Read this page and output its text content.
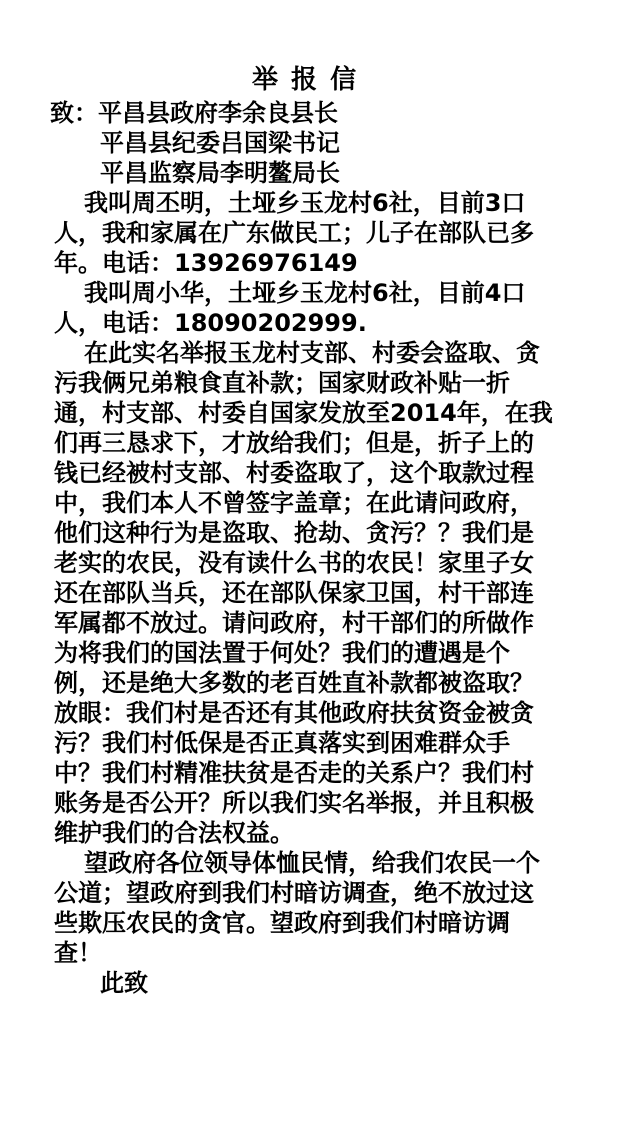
举 报 信
致：平昌县政府李余良县长
平昌县纪委吕国梁书记
平昌监察局李明鳌局长
我叫周丕明，土垭乡玉龙村6社，目前3口
人，我和家属在广东做民工；儿子在部队已多
年。电话：13926976149
我叫周小华，土垭乡玉龙村6社，目前4口
人，电话：18090202999.
在此实名举报玉龙村支部、村委会盗取、贪
污我俩兄弟粮食直补款；国家财政补贴一折
通，村支部、村委自国家发放至2014年，在我
们再三恳求下，才放给我们；但是，折子上的
钱已经被村支部、村委盗取了，这个取款过程
中，我们本人不曾签字盖章；在此请问政府，
他们这种行为是盗取、抢劫、贪污？？我们是
老实的农民，没有读什么书的农民！家里子女
还在部队当兵，还在部队保家卫国，村干部连
军属都不放过。请问政府，村干部们的所做作
为将我们的国法置于何处？我们的遭遇是个
例，还是绝大多数的老百姓直补款都被盗取？
放眼：我们村是否还有其他政府扶贫资金被贪
污？我们村低保是否正真落实到困难群众手
中？我们村精准扶贫是否走的关系户？我们村
账务是否公开？所以我们实名举报，并且积极
维护我们的合法权益。
望政府各位领导体恤民情，给我们农民一个
公道；望政府到我们村暗访调查，绝不放过这
些欺压农民的贪官。望政府到我们村暗访调
查！
此致
